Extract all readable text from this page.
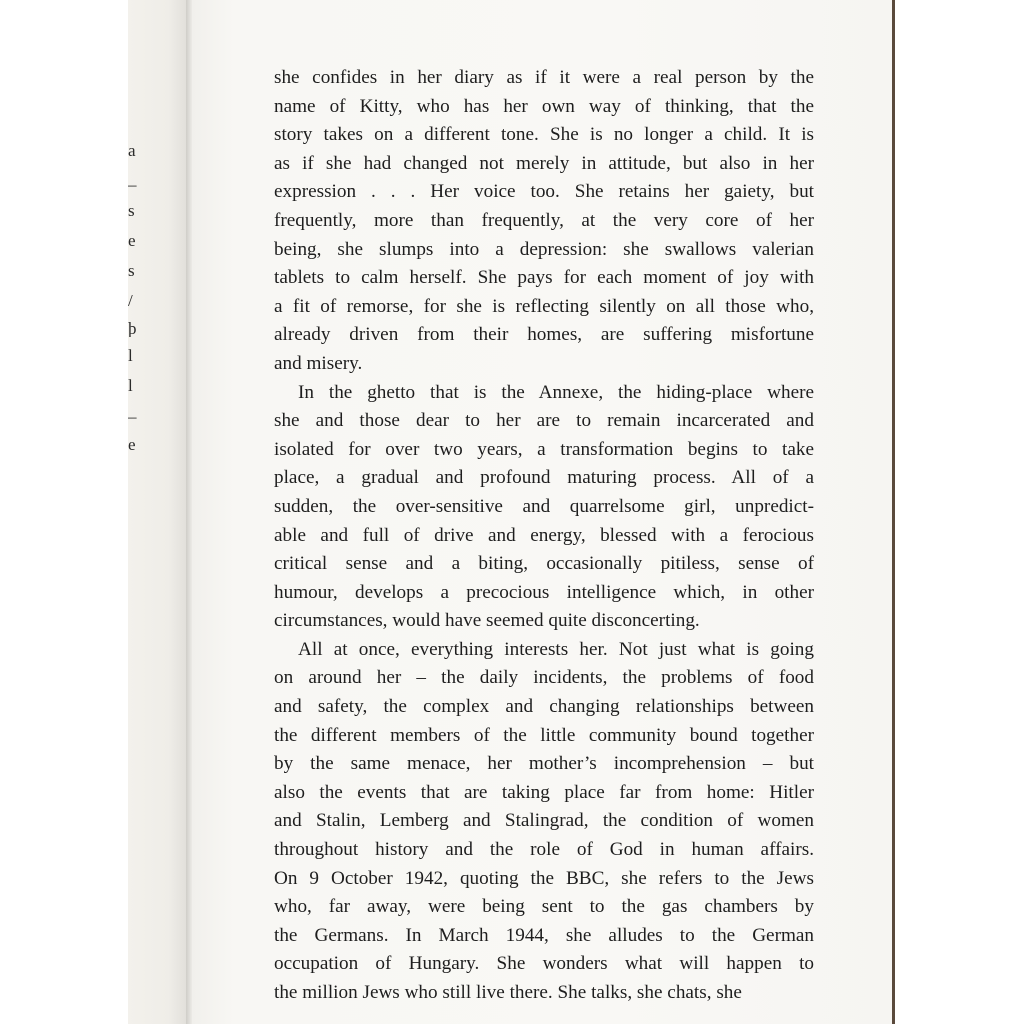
a
–
s
e
s
/
þ
l
l
–
e
she confides in her diary as if it were a real person by the
name of Kitty, who has her own way of thinking, that the
story takes on a different tone. She is no longer a child. It is
as if she had changed not merely in attitude, but also in her
expression . . . Her voice too. She retains her gaiety, but
frequently, more than frequently, at the very core of her
being, she slumps into a depression: she swallows valerian
tablets to calm herself. She pays for each moment of joy with
a fit of remorse, for she is reflecting silently on all those who,
already driven from their homes, are suffering misfortune
and misery.
In the ghetto that is the Annexe, the hiding-place where
she and those dear to her are to remain incarcerated and
isolated for over two years, a transformation begins to take
place, a gradual and profound maturing process. All of a
sudden, the over-sensitive and quarrelsome girl, unpredict-
able and full of drive and energy, blessed with a ferocious
critical sense and a biting, occasionally pitiless, sense of
humour, develops a precocious intelligence which, in other
circumstances, would have seemed quite disconcerting.
All at once, everything interests her. Not just what is going
on around her – the daily incidents, the problems of food
and safety, the complex and changing relationships between
the different members of the little community bound together
by the same menace, her mother’s incomprehension – but
also the events that are taking place far from home: Hitler
and Stalin, Lemberg and Stalingrad, the condition of women
throughout history and the role of God in human affairs.
On 9 October 1942, quoting the BBC, she refers to the Jews
who, far away, were being sent to the gas chambers by
the Germans. In March 1944, she alludes to the German
occupation of Hungary. She wonders what will happen to
the million Jews who still live there. She talks, she chats, she
